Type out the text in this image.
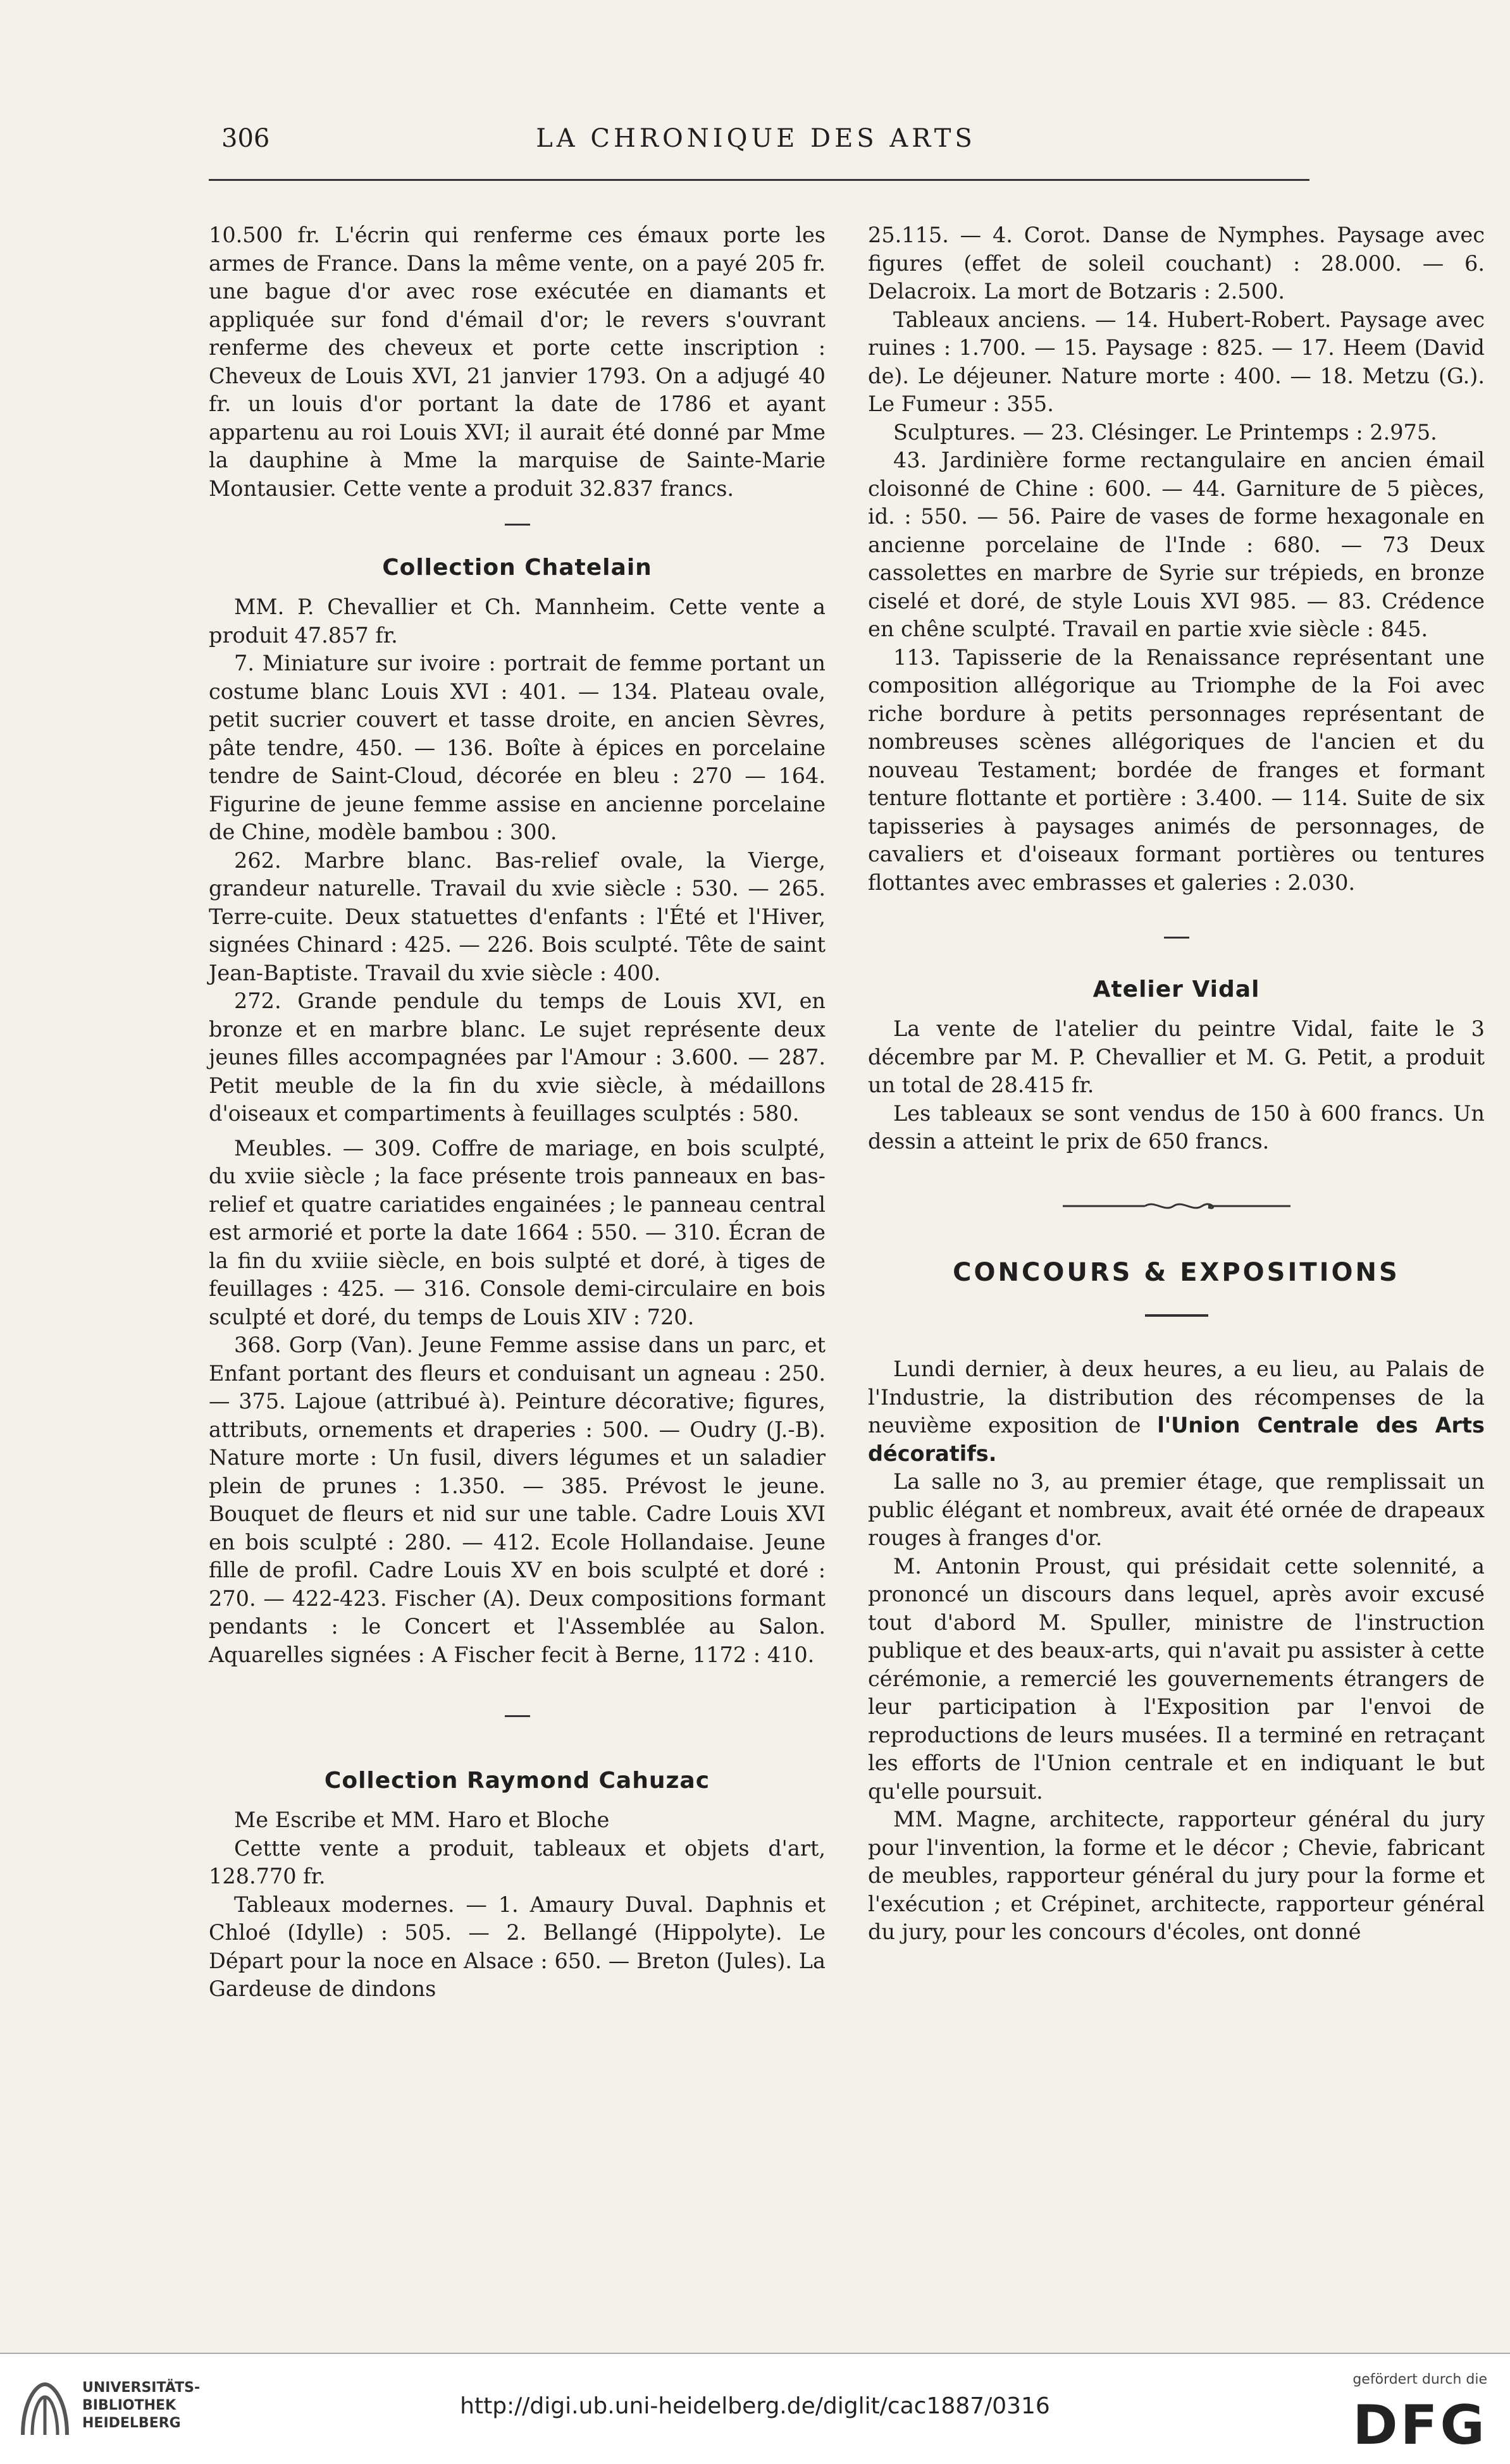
306	LA CHRONIQUE DES ARTS

10.500 fr. L'écrin qui renferme ces émaux porte les armes de France. Dans la même vente, on a payé 205 fr. une bague d'or avec rose exécutée en diamants et appliquée sur fond d'émail d'or; le revers s'ouvrant renferme des cheveux et porte cette inscription : Cheveux de Louis XVI, 21 janvier 1793. On a adjugé 40 fr. un louis d'or portant la date de 1786 et ayant appartenu au roi Louis XVI; il aurait été donné par Mme la dauphine à Mme la marquise de Sainte-Marie Montausier. Cette vente a produit 32.837 francs.

Collection Chatelain

MM. P. Chevallier et Ch. Mannheim. Cette vente a produit 47.857 fr.

7. Miniature sur ivoire : portrait de femme portant un costume blanc Louis XVI : 401. — 134. Plateau ovale, petit sucrier couvert et tasse droite, en ancien Sèvres, pâte tendre, 450. — 136. Boîte à épices en porcelaine tendre de Saint-Cloud, décorée en bleu : 270 — 164. Figurine de jeune femme assise en ancienne porcelaine de Chine, modèle bambou : 300.

262. Marbre blanc. Bas-relief ovale, la Vierge, grandeur naturelle. Travail du xvie siècle : 530. — 265. Terre-cuite. Deux statuettes d'enfants : l'Été et l'Hiver, signées Chinard : 425. — 226. Bois sculpté. Tête de saint Jean-Baptiste. Travail du xvie siècle : 400.

272. Grande pendule du temps de Louis XVI, en bronze et en marbre blanc. Le sujet représente deux jeunes filles accompagnées par l'Amour : 3.600. — 287. Petit meuble de la fin du xvie siècle, à médaillons d'oiseaux et compartiments à feuillages sculptés : 580.

Meubles. — 309. Coffre de mariage, en bois sculpté, du xviie siècle ; la face présente trois panneaux en bas-relief et quatre cariatides engainées ; le panneau central est armorié et porte la date 1664 : 550. — 310. Écran de la fin du xviiie siècle, en bois sulpté et doré, à tiges de feuillages : 425. — 316. Console demi-circulaire en bois sculpté et doré, du temps de Louis XIV : 720.

368. Gorp (Van). Jeune Femme assise dans un parc, et Enfant portant des fleurs et conduisant un agneau : 250. — 375. Lajoue (attribué à). Peinture décorative; figures, attributs, ornements et draperies : 500. — Oudry (J.-B). Nature morte : Un fusil, divers légumes et un saladier plein de prunes : 1.350. — 385. Prévost le jeune. Bouquet de fleurs et nid sur une table. Cadre Louis XVI en bois sculpté : 280. — 412. Ecole Hollandaise. Jeune fille de profil. Cadre Louis XV en bois sculpté et doré : 270. — 422-423. Fischer (A). Deux compositions formant pendants : le Concert et l'Assemblée au Salon. Aquarelles signées : A Fischer fecit à Berne, 1172 : 410.

Collection Raymond Cahuzac

Me Escribe et MM. Haro et Bloche

Cettte vente a produit, tableaux et objets d'art, 128.770 fr.

Tableaux modernes. — 1. Amaury Duval. Daphnis et Chloé (Idylle) : 505. — 2. Bellangé (Hippolyte). Le Départ pour la noce en Alsace : 650. — Breton (Jules). La Gardeuse de dindons

25.115. — 4. Corot. Danse de Nymphes. Paysage avec figures (effet de soleil couchant) : 28.000. — 6. Delacroix. La mort de Botzaris : 2.500.

Tableaux anciens. — 14. Hubert-Robert. Paysage avec ruines : 1.700. — 15. Paysage : 825. — 17. Heem (David de). Le déjeuner. Nature morte : 400. — 18. Metzu (G.). Le Fumeur : 355.

Sculptures. — 23. Clésinger. Le Printemps : 2.975.

43. Jardinière forme rectangulaire en ancien émail cloisonné de Chine : 600. — 44. Garniture de 5 pièces, id. : 550. — 56. Paire de vases de forme hexagonale en ancienne porcelaine de l'Inde : 680. — 73 Deux cassolettes en marbre de Syrie sur trépieds, en bronze ciselé et doré, de style Louis XVI 985. — 83. Crédence en chêne sculpté. Travail en partie xvie siècle : 845.

113. Tapisserie de la Renaissance représentant une composition allégorique au Triomphe de la Foi avec riche bordure à petits personnages représentant de nombreuses scènes allégoriques de l'ancien et du nouveau Testament; bordée de franges et formant tenture flottante et portière : 3.400. — 114. Suite de six tapisseries à paysages animés de personnages, de cavaliers et d'oiseaux formant portières ou tentures flottantes avec embrasses et galeries : 2.030.

Atelier Vidal

La vente de l'atelier du peintre Vidal, faite le 3 décembre par M. P. Chevallier et M. G. Petit, a produit un total de 28.415 fr.

Les tableaux se sont vendus de 150 à 600 francs. Un dessin a atteint le prix de 650 francs.

CONCOURS & EXPOSITIONS

Lundi dernier, à deux heures, a eu lieu, au Palais de l'Industrie, la distribution des récompenses de la neuvième exposition de l'Union Centrale des Arts décoratifs.

La salle no 3, au premier étage, que remplissait un public élégant et nombreux, avait été ornée de drapeaux rouges à franges d'or.

M. Antonin Proust, qui présidait cette solennité, a prononcé un discours dans lequel, après avoir excusé tout d'abord M. Spuller, ministre de l'instruction publique et des beaux-arts, qui n'avait pu assister à cette cérémonie, a remercié les gouvernements étrangers de leur participation à l'Exposition par l'envoi de reproductions de leurs musées. Il a terminé en retraçant les efforts de l'Union centrale et en indiquant le but qu'elle poursuit.

MM. Magne, architecte, rapporteur général du jury pour l'invention, la forme et le décor ; Chevie, fabricant de meubles, rapporteur général du jury pour la forme et l'exécution ; et Crépinet, architecte, rapporteur général du jury, pour les concours d'écoles, ont donné

UNIVERSITÄTS-
BIBLIOTHEK
HEIDELBERG
http://digi.ub.uni-heidelberg.de/diglit/cac1887/0316
gefördert durch die
DFG
